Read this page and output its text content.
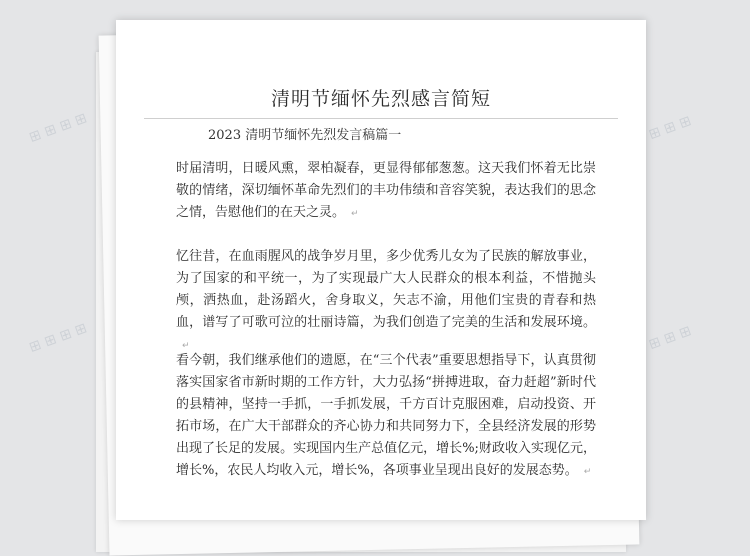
⊞ ⊞ ⊞ ⊞
⊞ ⊞ ⊞ ⊞
⊞ ⊞ ⊞
⊞ ⊞ ⊞
清明节缅怀先烈感言简短
2023 清明节缅怀先烈发言稿篇一
时届清明，日暖风熏，翠柏凝春，更显得郁郁葱葱。这天我们怀着无比崇敬的情绪，深切缅怀革命先烈们的丰功伟绩和音容笑貌，表达我们的思念之情，告慰他们的在天之灵。 ↵
忆往昔，在血雨腥风的战争岁月里，多少优秀儿女为了民族的解放事业，为了国家的和平统一，为了实现最广大人民群众的根本利益，不惜抛头颅，洒热血，赴汤蹈火，舍身取义，矢志不渝，用他们宝贵的青春和热血，谱写了可歌可泣的壮丽诗篇，为我们创造了完美的生活和发展环境。↵
看今朝，我们继承他们的遗愿，在“三个代表”重要思想指导下，认真贯彻落实国家省市新时期的工作方针，大力弘扬“拼搏进取，奋力赶超”新时代的县精神，坚持一手抓，一手抓发展，千方百计克服困难，启动投资、开拓市场，在广大干部群众的齐心协力和共同努力下，全县经济发展的形势出现了长足的发展。实现国内生产总值亿元，增长%;财政收入实现亿元，增长%，农民人均收入元，增长%，各项事业呈现出良好的发展态势。 ↵
